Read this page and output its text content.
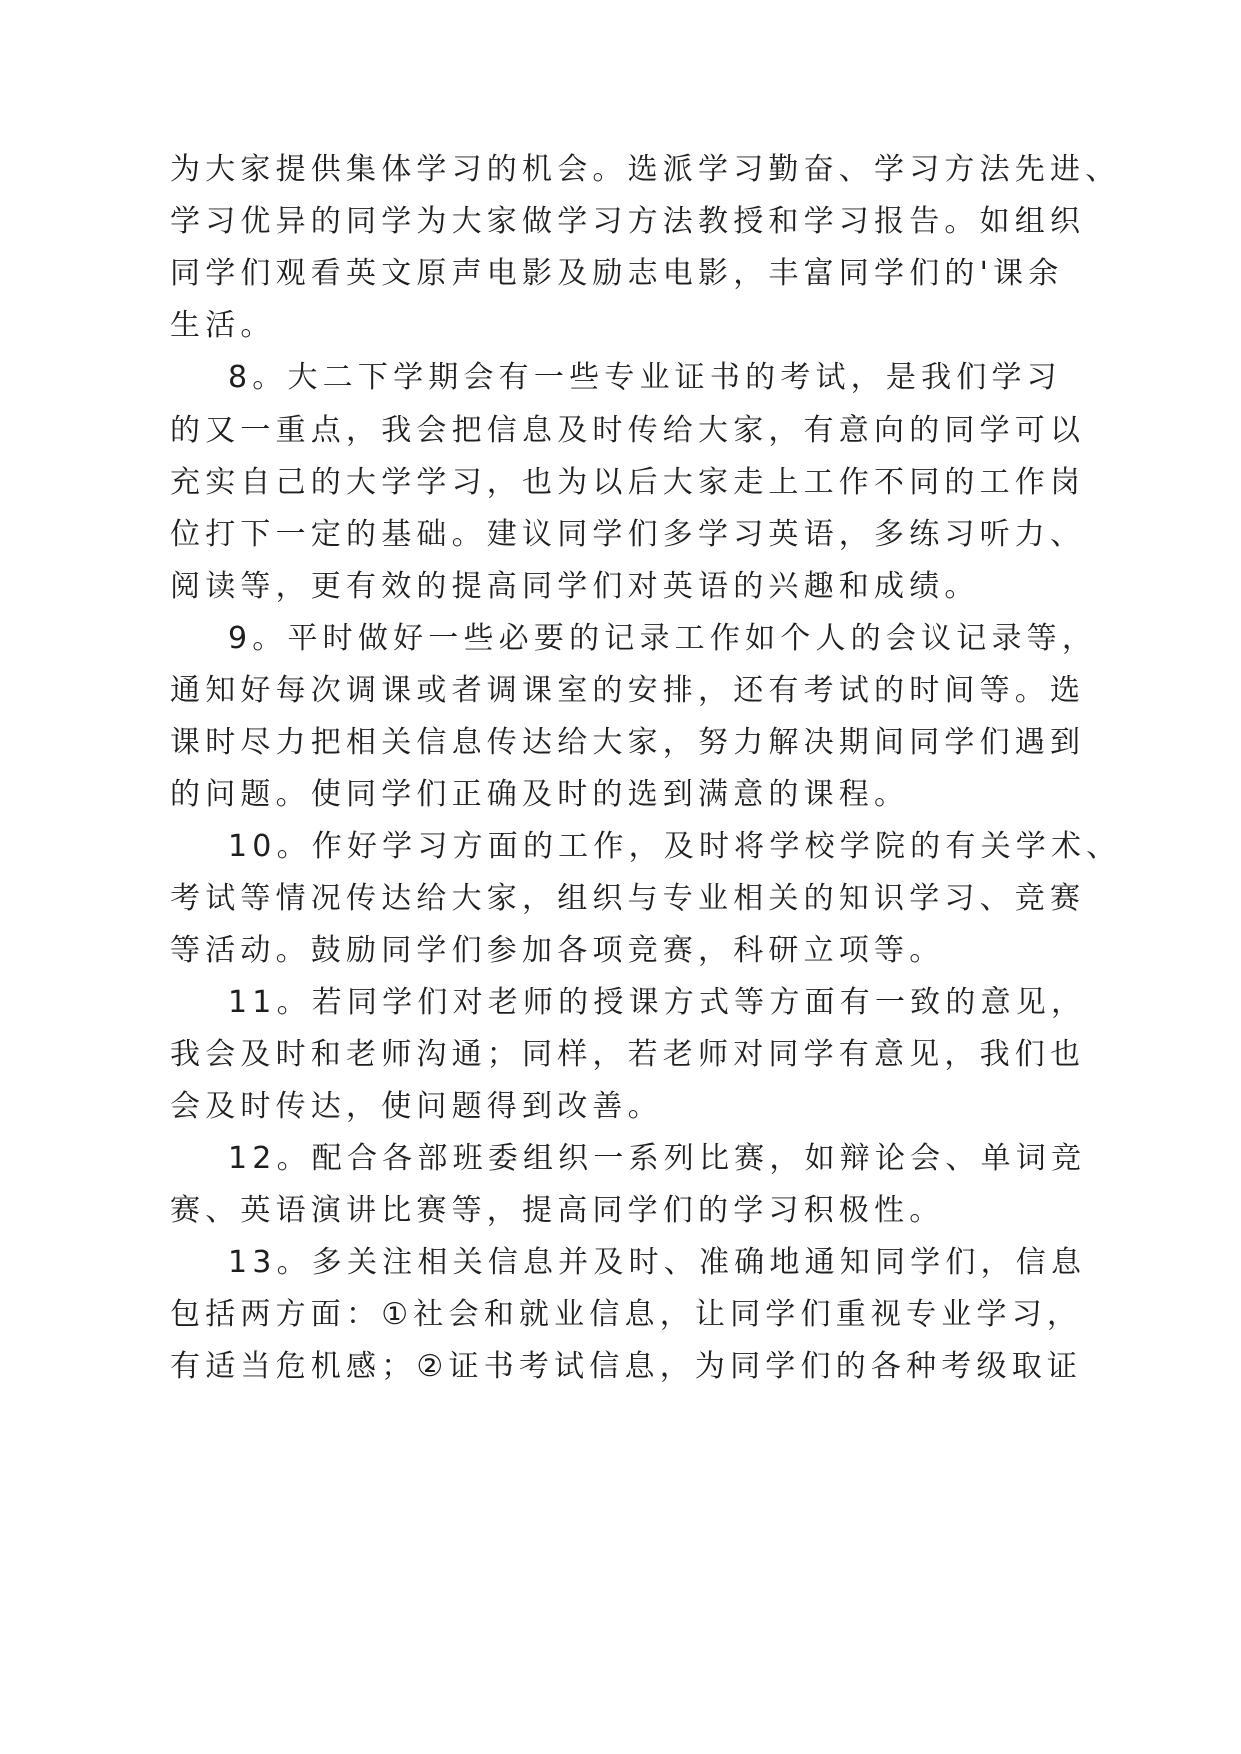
为大家提供集体学习的机会。选派学习勤奋、学习方法先进、
学习优异的同学为大家做学习方法教授和学习报告。如组织
同学们观看英文原声电影及励志电影，丰富同学们的'课余
生活。
8。大二下学期会有一些专业证书的考试，是我们学习
的又一重点，我会把信息及时传给大家，有意向的同学可以
充实自己的大学学习，也为以后大家走上工作不同的工作岗
位打下一定的基础。建议同学们多学习英语，多练习听力、
阅读等，更有效的提高同学们对英语的兴趣和成绩。
9。平时做好一些必要的记录工作如个人的会议记录等，
通知好每次调课或者调课室的安排，还有考试的时间等。选
课时尽力把相关信息传达给大家，努力解决期间同学们遇到
的问题。使同学们正确及时的选到满意的课程。
10。作好学习方面的工作，及时将学校学院的有关学术、
考试等情况传达给大家，组织与专业相关的知识学习、竞赛
等活动。鼓励同学们参加各项竞赛，科研立项等。
11。若同学们对老师的授课方式等方面有一致的意见，
我会及时和老师沟通；同样，若老师对同学有意见，我们也
会及时传达，使问题得到改善。
12。配合各部班委组织一系列比赛，如辩论会、单词竞
赛、英语演讲比赛等，提高同学们的学习积极性。
13。多关注相关信息并及时、准确地通知同学们，信息
包括两方面：①社会和就业信息，让同学们重视专业学习，
有适当危机感；②证书考试信息，为同学们的各种考级取证
